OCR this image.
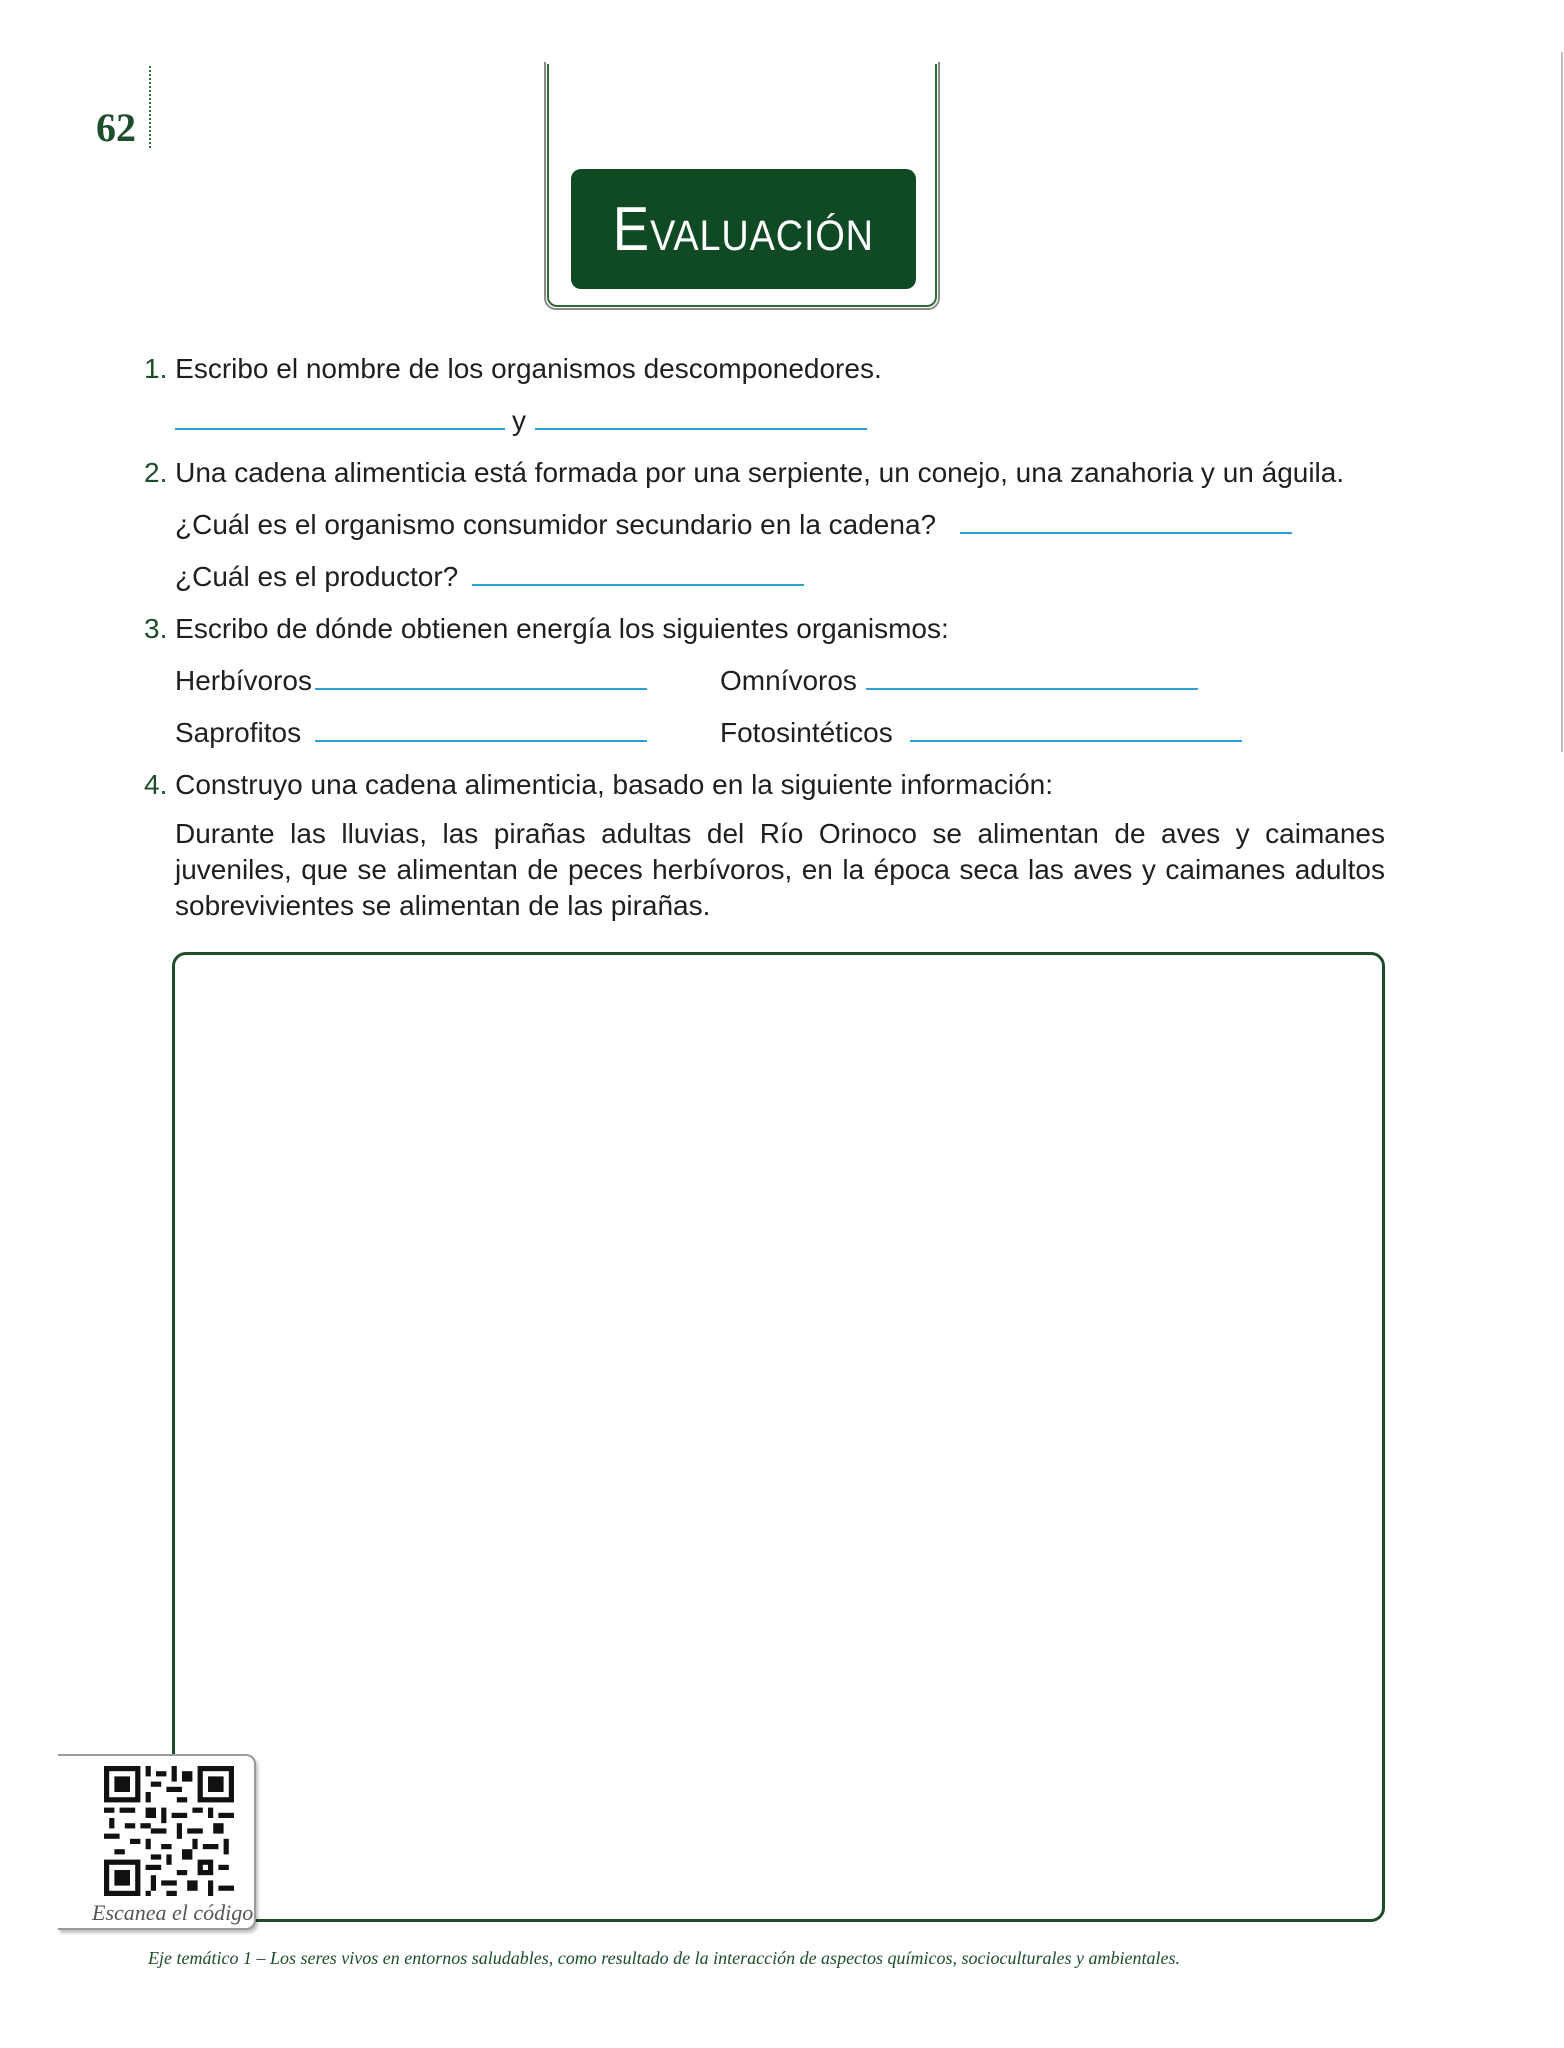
62
Evaluación
1. Escribo el nombre de los organismos descomponedores.
y
2. Una cadena alimenticia está formada por una serpiente, un conejo, una zanahoria y un águila.
¿Cuál es el organismo consumidor secundario en la cadena?
¿Cuál es el productor?
3. Escribo de dónde obtienen energía los siguientes organismos:
Herbívoros	Omnívoros
Saprofitos	Fotosintéticos
4. Construyo una cadena alimenticia, basado en la siguiente información:
Durante las lluvias, las pirañas adultas del Río Orinoco se alimentan de aves y caimanes juveniles, que se alimentan de peces herbívoros, en la época seca las aves y caimanes adultos sobrevivientes se alimentan de las pirañas.
Escanea el código
Eje temático 1 – Los seres vivos en entornos saludables, como resultado de la interacción de aspectos químicos, socioculturales y ambientales.
